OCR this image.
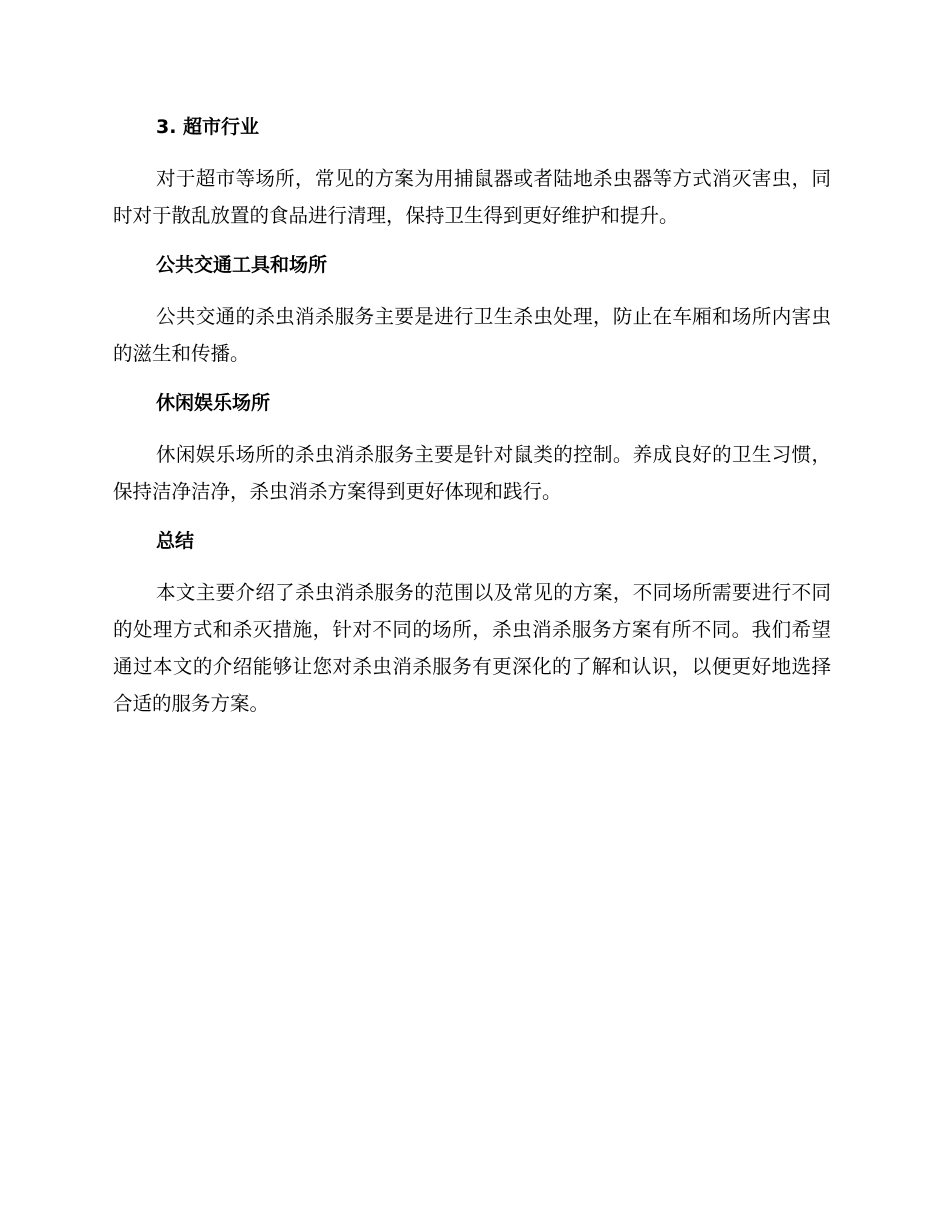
3. 超市行业

对于超市等场所，常见的方案为用捕鼠器或者陆地杀虫器等方式消灭害虫，同时对于散乱放置的食品进行清理，保持卫生得到更好维护和提升。

公共交通工具和场所

公共交通的杀虫消杀服务主要是进行卫生杀虫处理，防止在车厢和场所内害虫的滋生和传播。

休闲娱乐场所

休闲娱乐场所的杀虫消杀服务主要是针对鼠类的控制。养成良好的卫生习惯，保持洁净洁净，杀虫消杀方案得到更好体现和践行。

总结

本文主要介绍了杀虫消杀服务的范围以及常见的方案，不同场所需要进行不同的处理方式和杀灭措施，针对不同的场所，杀虫消杀服务方案有所不同。我们希望通过本文的介绍能够让您对杀虫消杀服务有更深化的了解和认识，以便更好地选择合适的服务方案。
